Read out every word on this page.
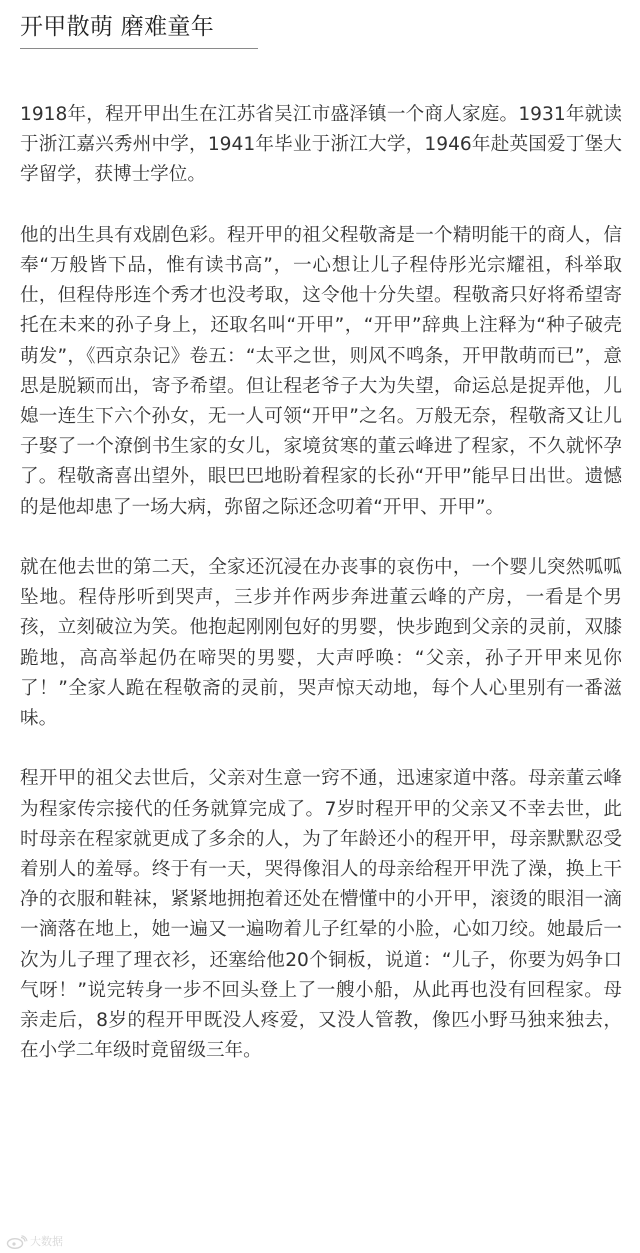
开甲散萌 磨难童年

1918年，程开甲出生在江苏省吴江市盛泽镇一个商人家庭。1931年就读于浙江嘉兴秀州中学，1941年毕业于浙江大学，1946年赴英国爱丁堡大学留学，获博士学位。

他的出生具有戏剧色彩。程开甲的祖父程敬斋是一个精明能干的商人，信奉“万般皆下品，惟有读书高”，一心想让儿子程侍彤光宗耀祖，科举取仕，但程侍彤连个秀才也没考取，这令他十分失望。程敬斋只好将希望寄托在未来的孙子身上，还取名叫“开甲”，“开甲”辞典上注释为“种子破壳萌发”，《西京杂记》卷五：“太平之世，则风不鸣条，开甲散萌而已”，意思是脱颖而出，寄予希望。但让程老爷子大为失望，命运总是捉弄他，儿媳一连生下六个孙女，无一人可领“开甲”之名。万般无奈，程敬斋又让儿子娶了一个潦倒书生家的女儿，家境贫寒的董云峰进了程家，不久就怀孕了。程敬斋喜出望外，眼巴巴地盼着程家的长孙“开甲”能早日出世。遗憾的是他却患了一场大病，弥留之际还念叨着“开甲、开甲”。

就在他去世的第二天，全家还沉浸在办丧事的哀伤中，一个婴儿突然呱呱坠地。程侍彤听到哭声，三步并作两步奔进董云峰的产房，一看是个男孩，立刻破泣为笑。他抱起刚刚包好的男婴，快步跑到父亲的灵前，双膝跪地，高高举起仍在啼哭的男婴，大声呼唤：“父亲，孙子开甲来见你了！”全家人跪在程敬斋的灵前，哭声惊天动地，每个人心里别有一番滋味。

程开甲的祖父去世后，父亲对生意一窍不通，迅速家道中落。母亲董云峰为程家传宗接代的任务就算完成了。7岁时程开甲的父亲又不幸去世，此时母亲在程家就更成了多余的人，为了年龄还小的程开甲，母亲默默忍受着别人的羞辱。终于有一天，哭得像泪人的母亲给程开甲洗了澡，换上干净的衣服和鞋袜，紧紧地拥抱着还处在懵懂中的小开甲，滚烫的眼泪一滴一滴落在地上，她一遍又一遍吻着儿子红晕的小脸，心如刀绞。她最后一次为儿子理了理衣衫，还塞给他20个铜板，说道：“儿子，你要为妈争口气呀！”说完转身一步不回头登上了一艘小船，从此再也没有回程家。母亲走后，8岁的程开甲既没人疼爱，又没人管教，像匹小野马独来独去，在小学二年级时竟留级三年。

大数据
